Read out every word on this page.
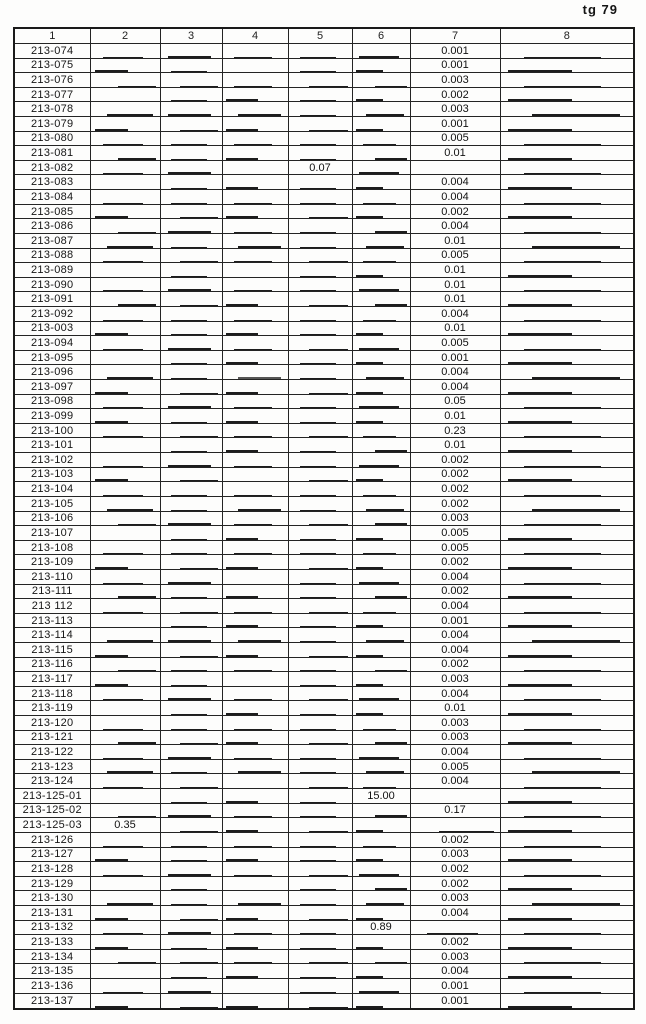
tg 79
1	2	3	4	5	6	7	8
213-074						0.001	
213-075						0.001	
213-076						0.003	
213-077						0.002	
213-078						0.003	
213-079						0.001	
213-080						0.005	
213-081						0.01	
213-082				0.07			
213-083						0.004	
213-084						0.004	
213-085						0.002	
213-086						0.004	
213-087						0.01	
213-088						0.005	
213-089						0.01	
213-090						0.01	
213-091						0.01	
213-092						0.004	
213-003						0.01	
213-094						0.005	
213-095						0.001	
213-096						0.004	
213-097						0.004	
213-098						0.05	
213-099						0.01	
213-100						0.23	
213-101						0.01	
213-102						0.002	
213-103						0.002	
213-104						0.002	
213-105						0.002	
213-106						0.003	
213-107						0.005	
213-108						0.005	
213-109						0.002	
213-110						0.004	
213-111						0.002	
213 112						0.004	
213-113						0.001	
213-114						0.004	
213-115						0.004	
213-116						0.002	
213-117						0.003	
213-118						0.004	
213-119						0.01	
213-120						0.003	
213-121						0.003	
213-122						0.004	
213-123						0.005	
213-124						0.004	
213-125-01					15.00		
213-125-02						0.17	
213-125-03	0.35						
213-126						0.002	
213-127						0.003	
213-128						0.002	
213-129						0.002	
213-130						0.003	
213-131						0.004	
213-132					0.89		
213-133						0.002	
213-134						0.003	
213-135						0.004	
213-136						0.001	
213-137						0.001	
